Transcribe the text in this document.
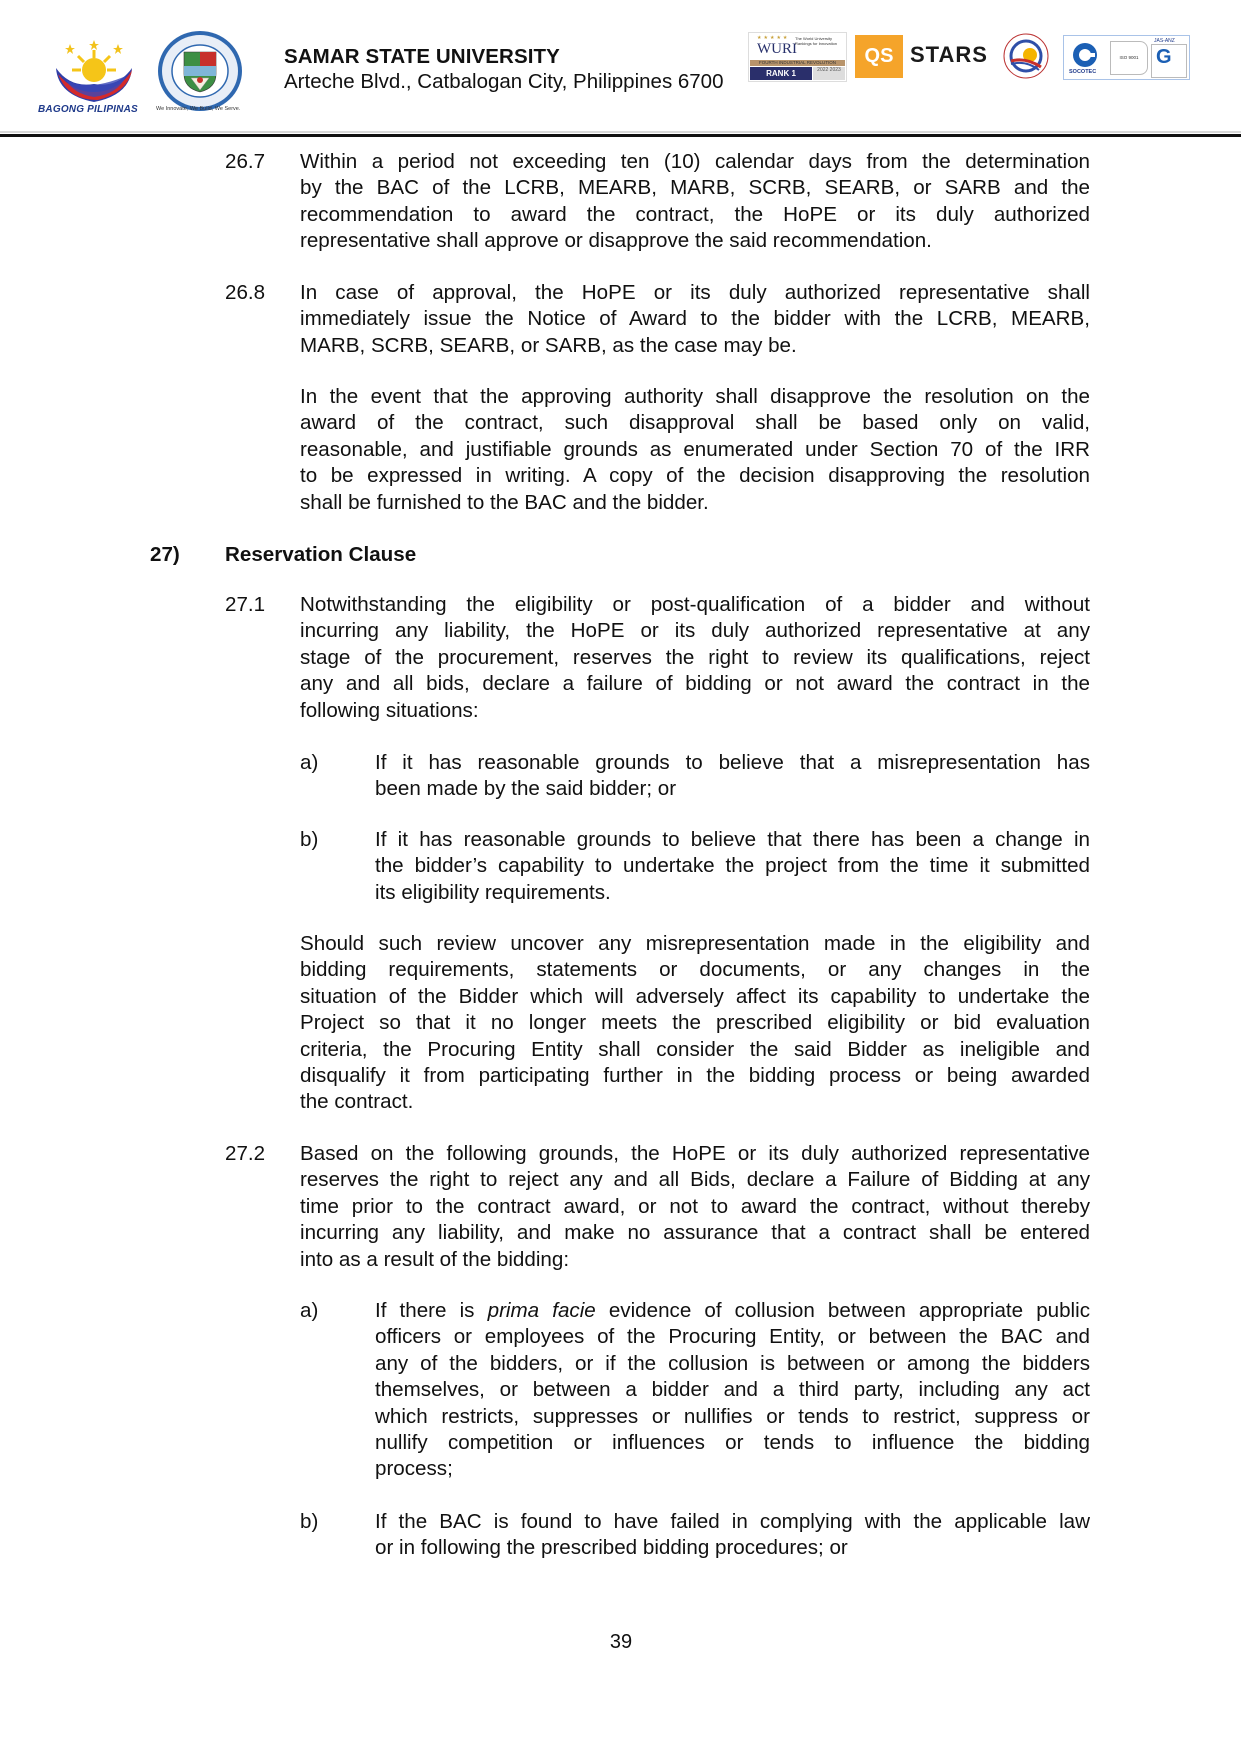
BAGONG PILIPINAS	We Innovate, We Build, We Serve.
SAMAR STATE UNIVERSITY
Arteche Blvd., Catbalogan City, Philippines 6700
★★★★★
WURI
The World University Rankings for Innovation
FOURTH INDUSTRIAL REVOLUTION
RANK 1	2022 2023
QS STARS
SOCOTEC
ISO 9001
JAS-ANZ
G
26.7 Within a period not exceeding ten (10) calendar days from the determination
by the BAC of the LCRB, MEARB, MARB, SCRB, SEARB, or SARB and the
recommendation to award the contract, the HoPE or its duly authorized
representative shall approve or disapprove the said recommendation.
26.8 In case of approval, the HoPE or its duly authorized representative shall
immediately issue the Notice of Award to the bidder with the LCRB, MEARB,
MARB, SCRB, SEARB, or SARB, as the case may be.
In the event that the approving authority shall disapprove the resolution on the
award of the contract, such disapproval shall be based only on valid,
reasonable, and justifiable grounds as enumerated under Section 70 of the IRR
to be expressed in writing. A copy of the decision disapproving the resolution
shall be furnished to the BAC and the bidder.
27) Reservation Clause
27.1 Notwithstanding the eligibility or post-qualification of a bidder and without
incurring any liability, the HoPE or its duly authorized representative at any
stage of the procurement, reserves the right to review its qualifications, reject
any and all bids, declare a failure of bidding or not award the contract in the
following situations:
a)	If it has reasonable grounds to believe that a misrepresentation has
been made by the said bidder; or
b)	If it has reasonable grounds to believe that there has been a change in
the bidder’s capability to undertake the project from the time it submitted
its eligibility requirements.
Should such review uncover any misrepresentation made in the eligibility and
bidding requirements, statements or documents, or any changes in the
situation of the Bidder which will adversely affect its capability to undertake the
Project so that it no longer meets the prescribed eligibility or bid evaluation
criteria, the Procuring Entity shall consider the said Bidder as ineligible and
disqualify it from participating further in the bidding process or being awarded
the contract.
27.2 Based on the following grounds, the HoPE or its duly authorized representative
reserves the right to reject any and all Bids, declare a Failure of Bidding at any
time prior to the contract award, or not to award the contract, without thereby
incurring any liability, and make no assurance that a contract shall be entered
into as a result of the bidding:
a)	If there is prima facie evidence of collusion between appropriate public
officers or employees of the Procuring Entity, or between the BAC and
any of the bidders, or if the collusion is between or among the bidders
themselves, or between a bidder and a third party, including any act
which restricts, suppresses or nullifies or tends to restrict, suppress or
nullify competition or influences or tends to influence the bidding
process;
b)	If the BAC is found to have failed in complying with the applicable law
or in following the prescribed bidding procedures; or
39
